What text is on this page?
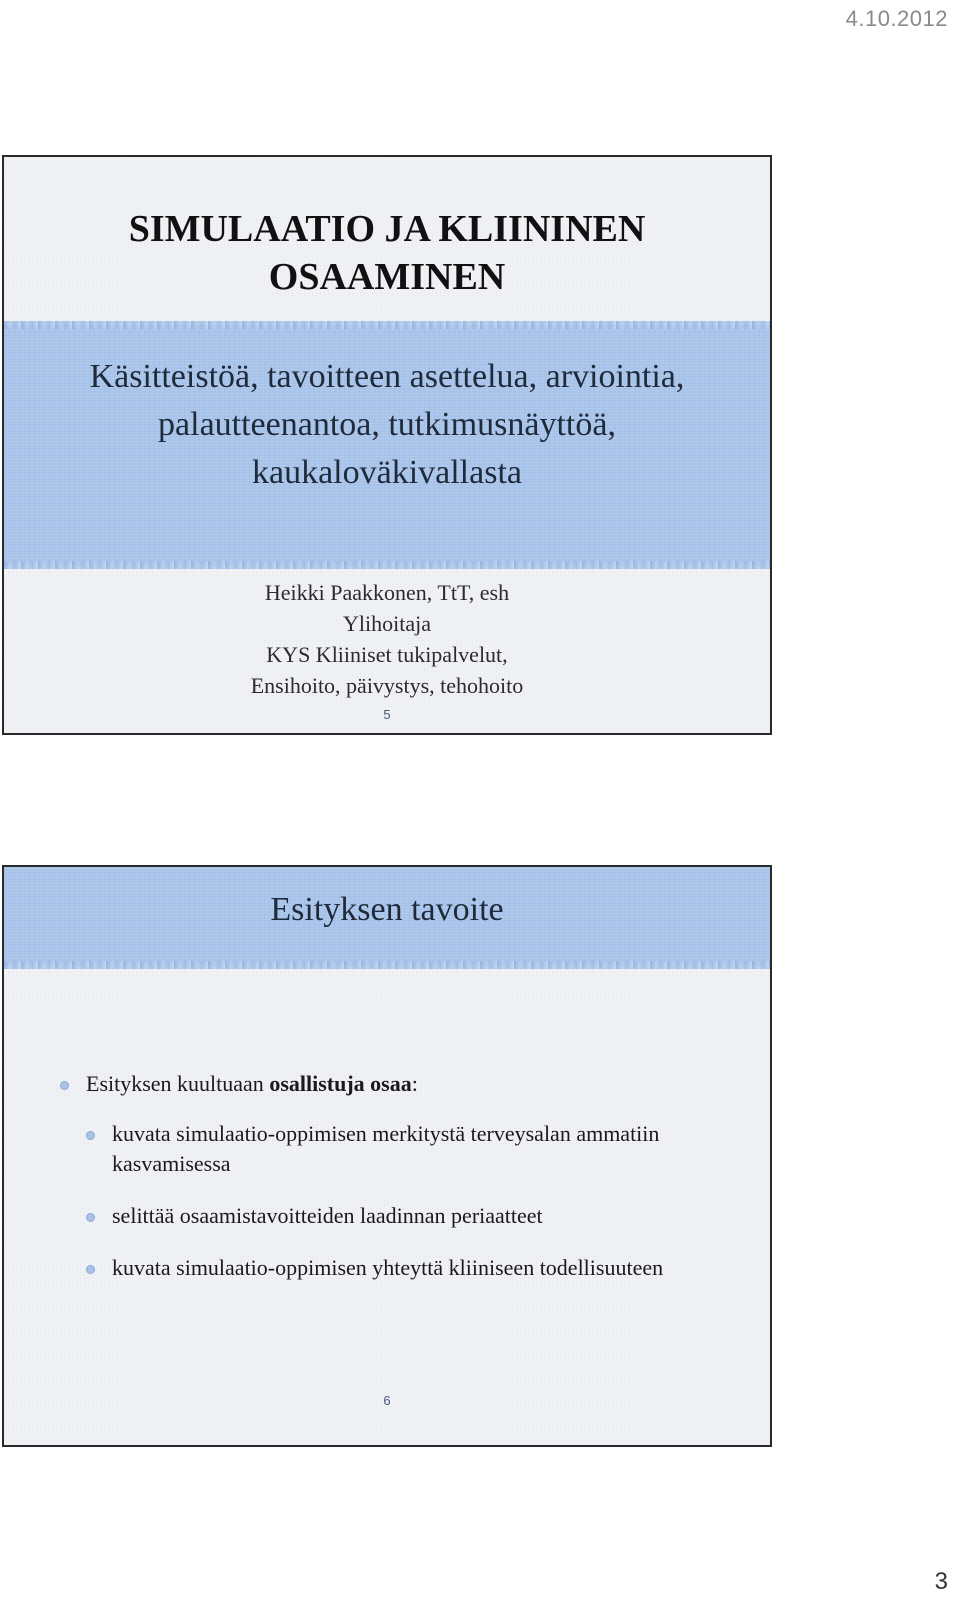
4.10.2012
SIMULAATIO JA KLIININEN
OSAAMINEN
Käsitteistöä, tavoitteen asettelua, arviointia,
palautteenantoa, tutkimusnäyttöä,
kaukaloväkivallasta
Heikki Paakkonen, TtT, esh
Ylihoitaja
KYS Kliiniset tukipalvelut,
Ensihoito, päivystys, tehohoito
5
Esityksen tavoite
Esityksen kuultuaan osallistuja osaa:
kuvata simulaatio-oppimisen merkitystä terveysalan ammatiin kasvamisessa
selittää osaamistavoitteiden laadinnan periaatteet
kuvata simulaatio-oppimisen yhteyttä kliiniseen todellisuuteen
6
3
